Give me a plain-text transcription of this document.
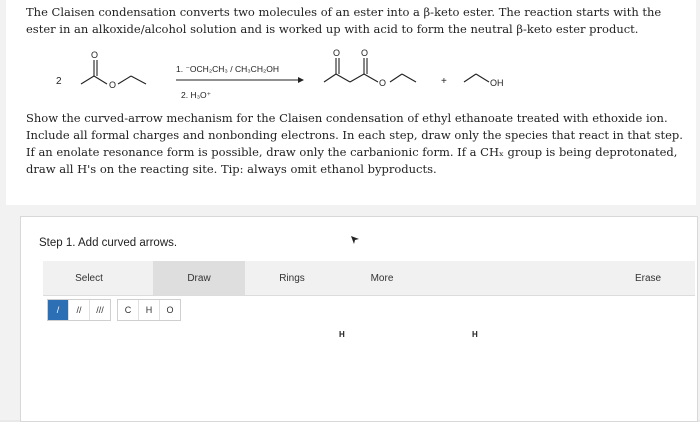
The Claisen condensation converts two molecules of an ester into a β-keto ester. The reaction starts with the ester in an alkoxide/alcohol solution and is worked up with acid to form the neutral β-keto ester product.
2
O
O
1. ⁻OCH₂CH₃ / CH₃CH₂OH
2. H₃O⁺
O O
O	+	OH
Show the curved-arrow mechanism for the Claisen condensation of ethyl ethanoate treated with ethoxide ion. Include all formal charges and nonbonding electrons. In each step, draw only the species that react in that step. If an enolate resonance form is possible, draw only the carbanionic form. If a CHₓ group is being deprotonated, draw all H's on the reacting site. Tip: always omit ethanol byproducts.
Step 1. Add curved arrows.
Select	Draw	Rings	More	Erase
/	//	///	C	H	O
H	H
